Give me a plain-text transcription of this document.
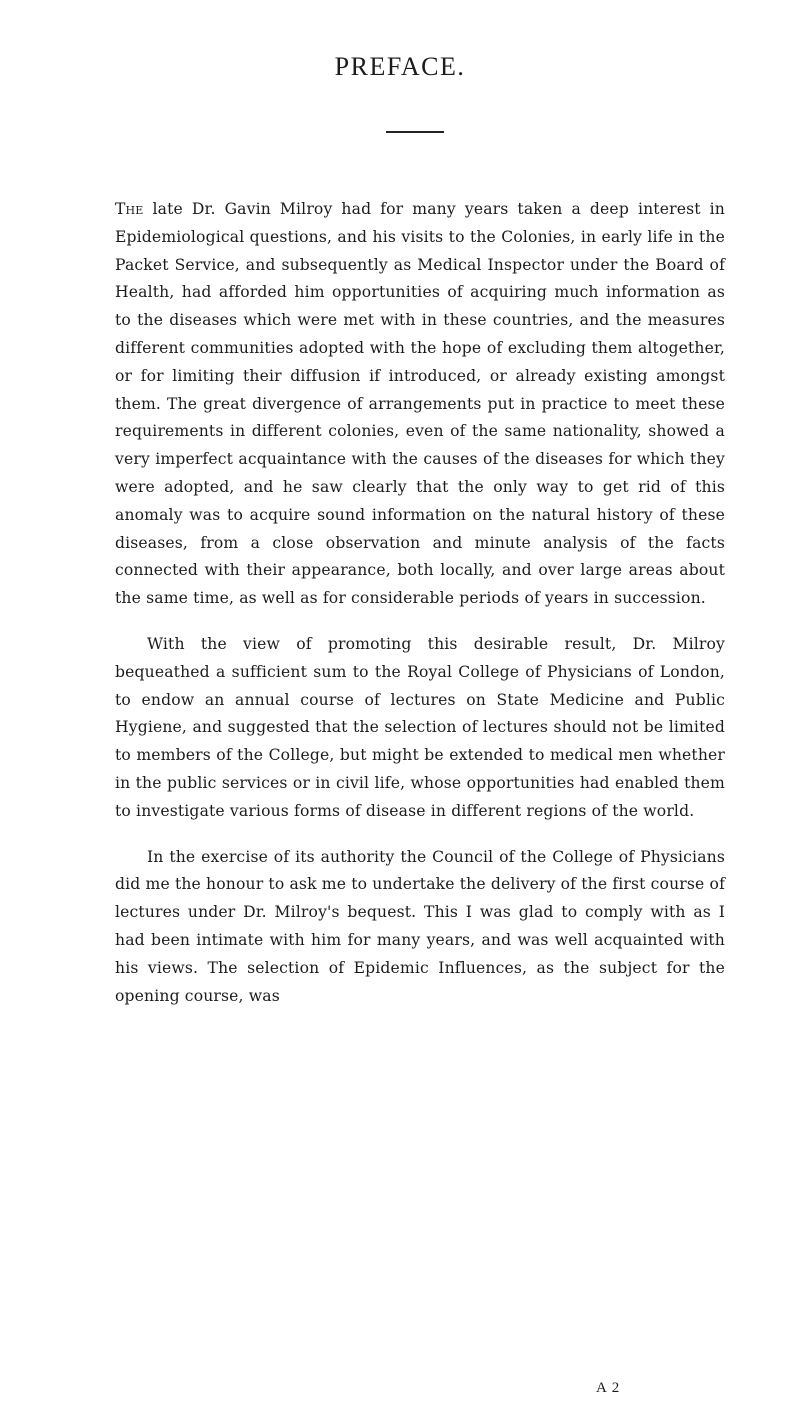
PREFACE.

The late Dr. Gavin Milroy had for many years taken a deep interest in Epidemiological questions, and his visits to the Colonies, in early life in the Packet Service, and subsequently as Medical Inspector under the Board of Health, had afforded him opportunities of acquiring much information as to the diseases which were met with in these countries, and the measures different communities adopted with the hope of excluding them altogether, or for limiting their diffusion if introduced, or already existing amongst them. The great divergence of arrangements put in practice to meet these requirements in different colonies, even of the same nationality, showed a very imperfect acquaintance with the causes of the diseases for which they were adopted, and he saw clearly that the only way to get rid of this anomaly was to acquire sound information on the natural history of these diseases, from a close observation and minute analysis of the facts connected with their appearance, both locally, and over large areas about the same time, as well as for considerable periods of years in succession.

With the view of promoting this desirable result, Dr. Milroy bequeathed a sufficient sum to the Royal College of Physicians of London, to endow an annual course of lectures on State Medicine and Public Hygiene, and suggested that the selection of lectures should not be limited to members of the College, but might be extended to medical men whether in the public services or in civil life, whose opportunities had enabled them to investigate various forms of disease in different regions of the world.

In the exercise of its authority the Council of the College of Physicians did me the honour to ask me to undertake the delivery of the first course of lectures under Dr. Milroy's bequest. This I was glad to comply with as I had been intimate with him for many years, and was well acquainted with his views. The selection of Epidemic Influences, as the subject for the opening course, was

A 2
